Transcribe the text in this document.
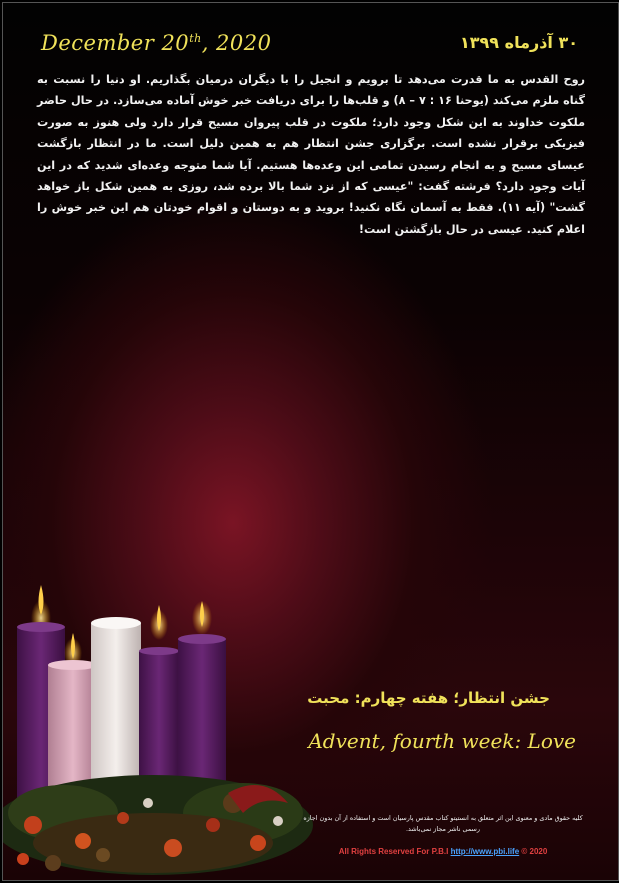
December 20th, 2020	۳۰ آذرماه ۱۳۹۹
روح القدس به ما قدرت می‌دهد تا برویم و انجیل را با دیگران درمیان بگذاریم. او دنیا را نسبت به گناه ملزم می‌کند (یوحنا ۱۶ : ۷ – ۸) و قلب‌ها را برای دریافت خبر خوش آماده می‌سازد. در حال حاضر ملکوت خداوند به این شکل وجود دارد؛ ملکوت در قلب پیروان مسیح قرار دارد ولی هنوز به صورت فیزیکی برقرار نشده است. برگزاری جشن انتظار هم به همین دلیل است. ما در انتظار بازگشت عیسای مسیح و به انجام رسیدن تمامی این وعده‌ها هستیم. آیا شما متوجه وعده‌ای شدید که در این آیات وجود دارد؟ فرشته گفت: "عیسی که از نزد شما بالا برده شد، روزی به همین شکل باز خواهد گشت" (آیه ۱۱). فقط به آسمان نگاه نکنید! بروید و به دوستان و اقوام خودتان هم این خبر خوش را اعلام کنید. عیسی در حال بازگشتن است!
جشن انتظار؛ هفته چهارم: محبت
Advent, fourth week: Love
کلیه حقوق مادی و معنوی این اثر متعلق به انستیتو کتاب مقدس پارسیان است و استفاده از آن بدون اجازه رسمی ناشر مجاز نمی‌باشد.
All Rights Reserved For P.B.I http://www.pbi.life © 2020
